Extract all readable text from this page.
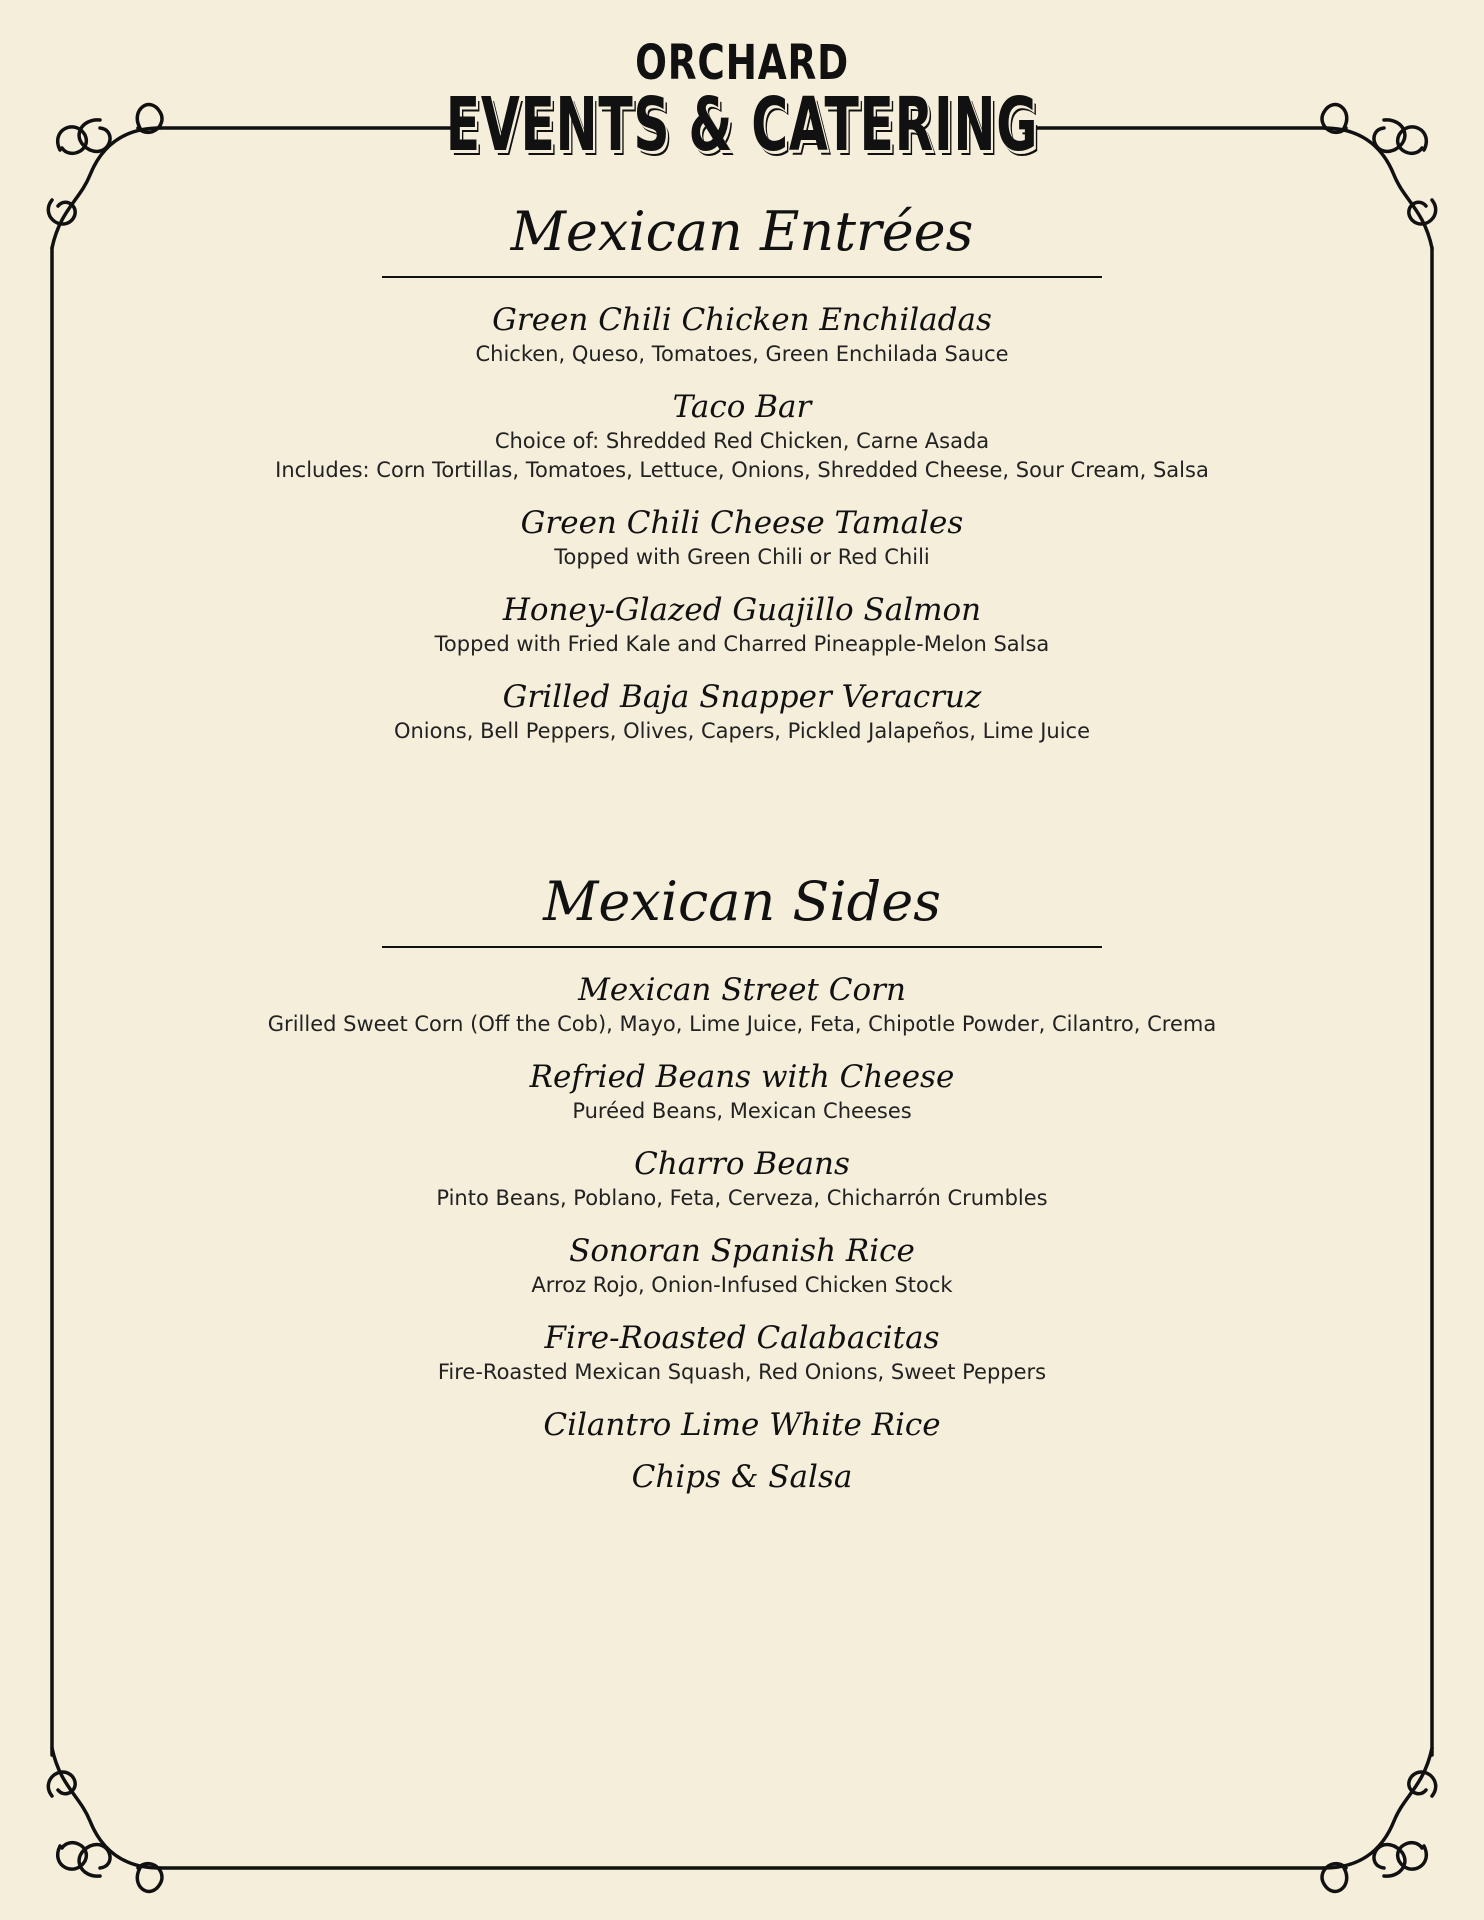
ORCHARD
EVENTS & CATERING
Mexican Entrées
Green Chili Chicken Enchiladas
Chicken, Queso, Tomatoes, Green Enchilada Sauce
Taco Bar
Choice of: Shredded Red Chicken, Carne Asada
Includes: Corn Tortillas, Tomatoes, Lettuce, Onions, Shredded Cheese, Sour Cream, Salsa
Green Chili Cheese Tamales
Topped with Green Chili or Red Chili
Honey-Glazed Guajillo Salmon
Topped with Fried Kale and Charred Pineapple-Melon Salsa
Grilled Baja Snapper Veracruz
Onions, Bell Peppers, Olives, Capers, Pickled Jalapeños, Lime Juice
Mexican Sides
Mexican Street Corn
Grilled Sweet Corn (Off the Cob), Mayo, Lime Juice, Feta, Chipotle Powder, Cilantro, Crema
Refried Beans with Cheese
Puréed Beans, Mexican Cheeses
Charro Beans
Pinto Beans, Poblano, Feta, Cerveza, Chicharrón Crumbles
Sonoran Spanish Rice
Arroz Rojo, Onion-Infused Chicken Stock
Fire-Roasted Calabacitas
Fire-Roasted Mexican Squash, Red Onions, Sweet Peppers
Cilantro Lime White Rice
Chips & Salsa
